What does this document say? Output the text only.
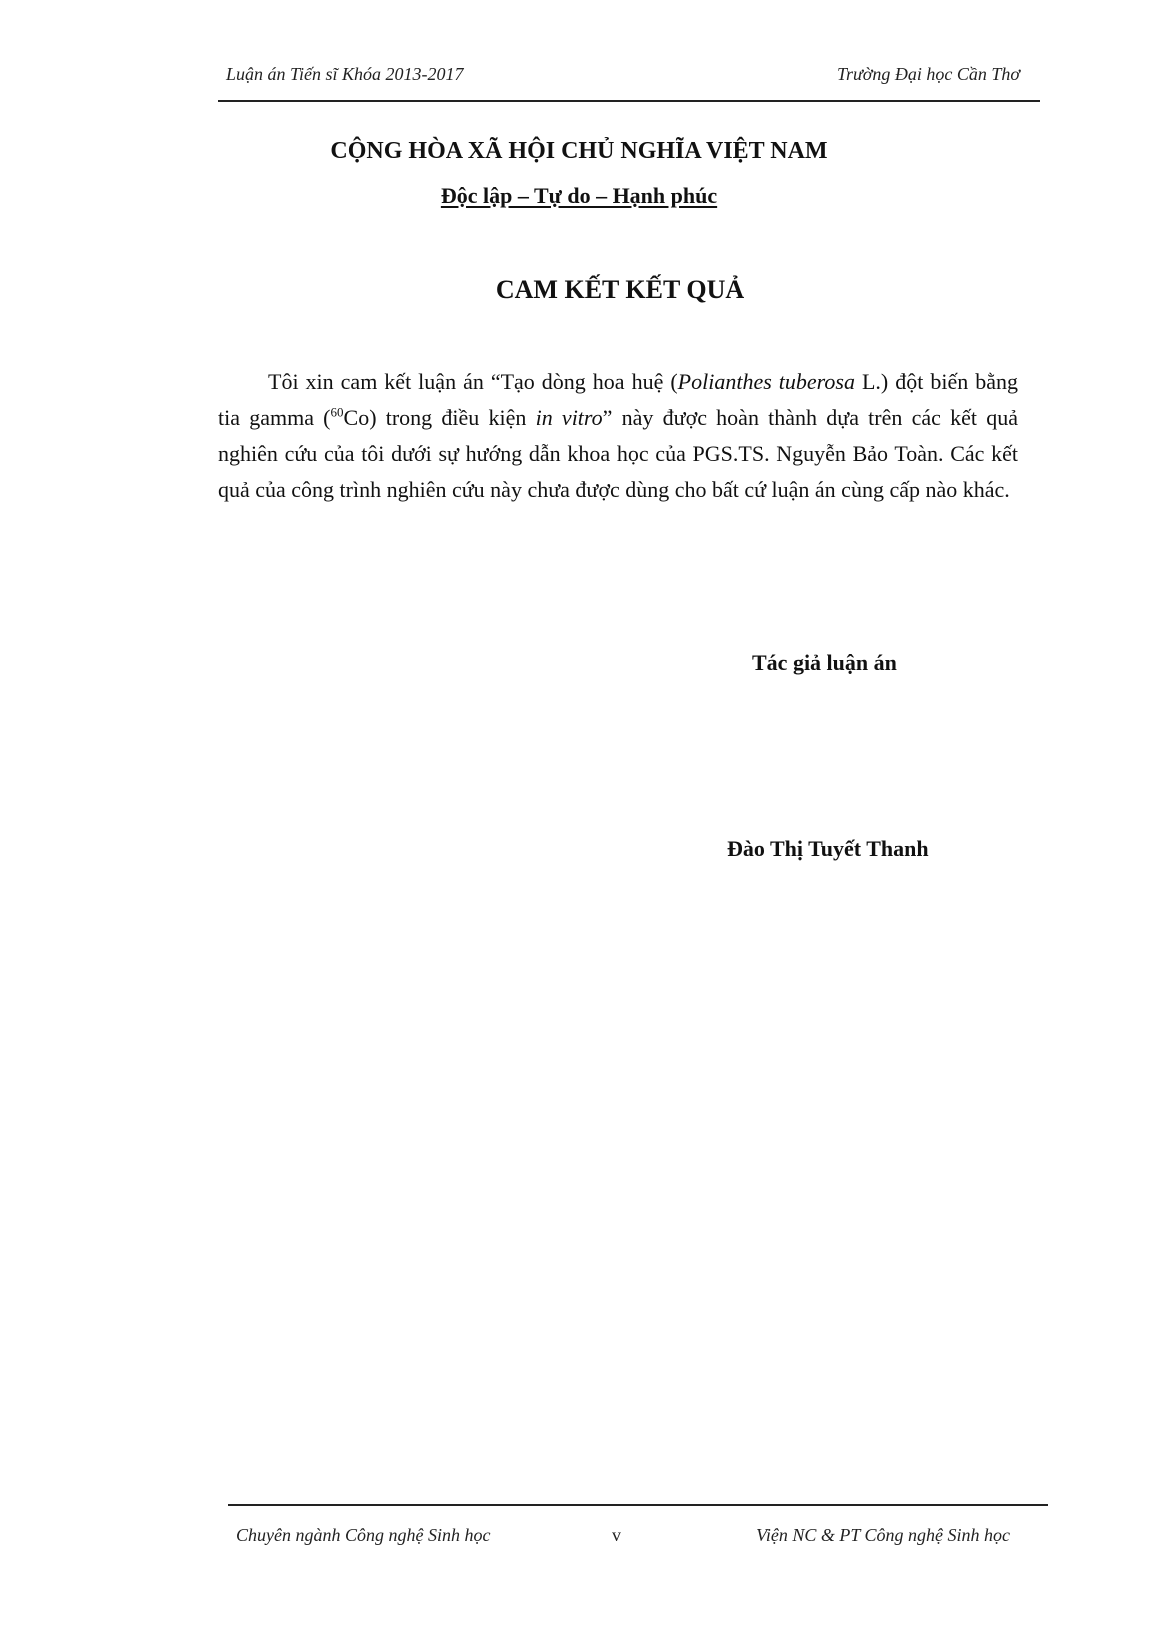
Luận án Tiến sĩ Khóa 2013-2017	Trường Đại học Cần Thơ
CỘNG HÒA XÃ HỘI CHỦ NGHĨA VIỆT NAM
Độc lập – Tự do – Hạnh phúc
CAM KẾT KẾT QUẢ

Tôi xin cam kết luận án “Tạo dòng hoa huệ (Polianthes tuberosa L.) đột biến bằng tia gamma ($^{60}$Co) trong điều kiện in vitro” này được hoàn thành dựa trên các kết quả nghiên cứu của tôi dưới sự hướng dẫn khoa học của PGS.TS. Nguyễn Bảo Toàn. Các kết quả của công trình nghiên cứu này chưa được dùng cho bất cứ luận án cùng cấp nào khác.

Tác giả luận án
Đào Thị Tuyết Thanh
Chuyên ngành Công nghệ Sinh học	v	Viện NC & PT Công nghệ Sinh học
